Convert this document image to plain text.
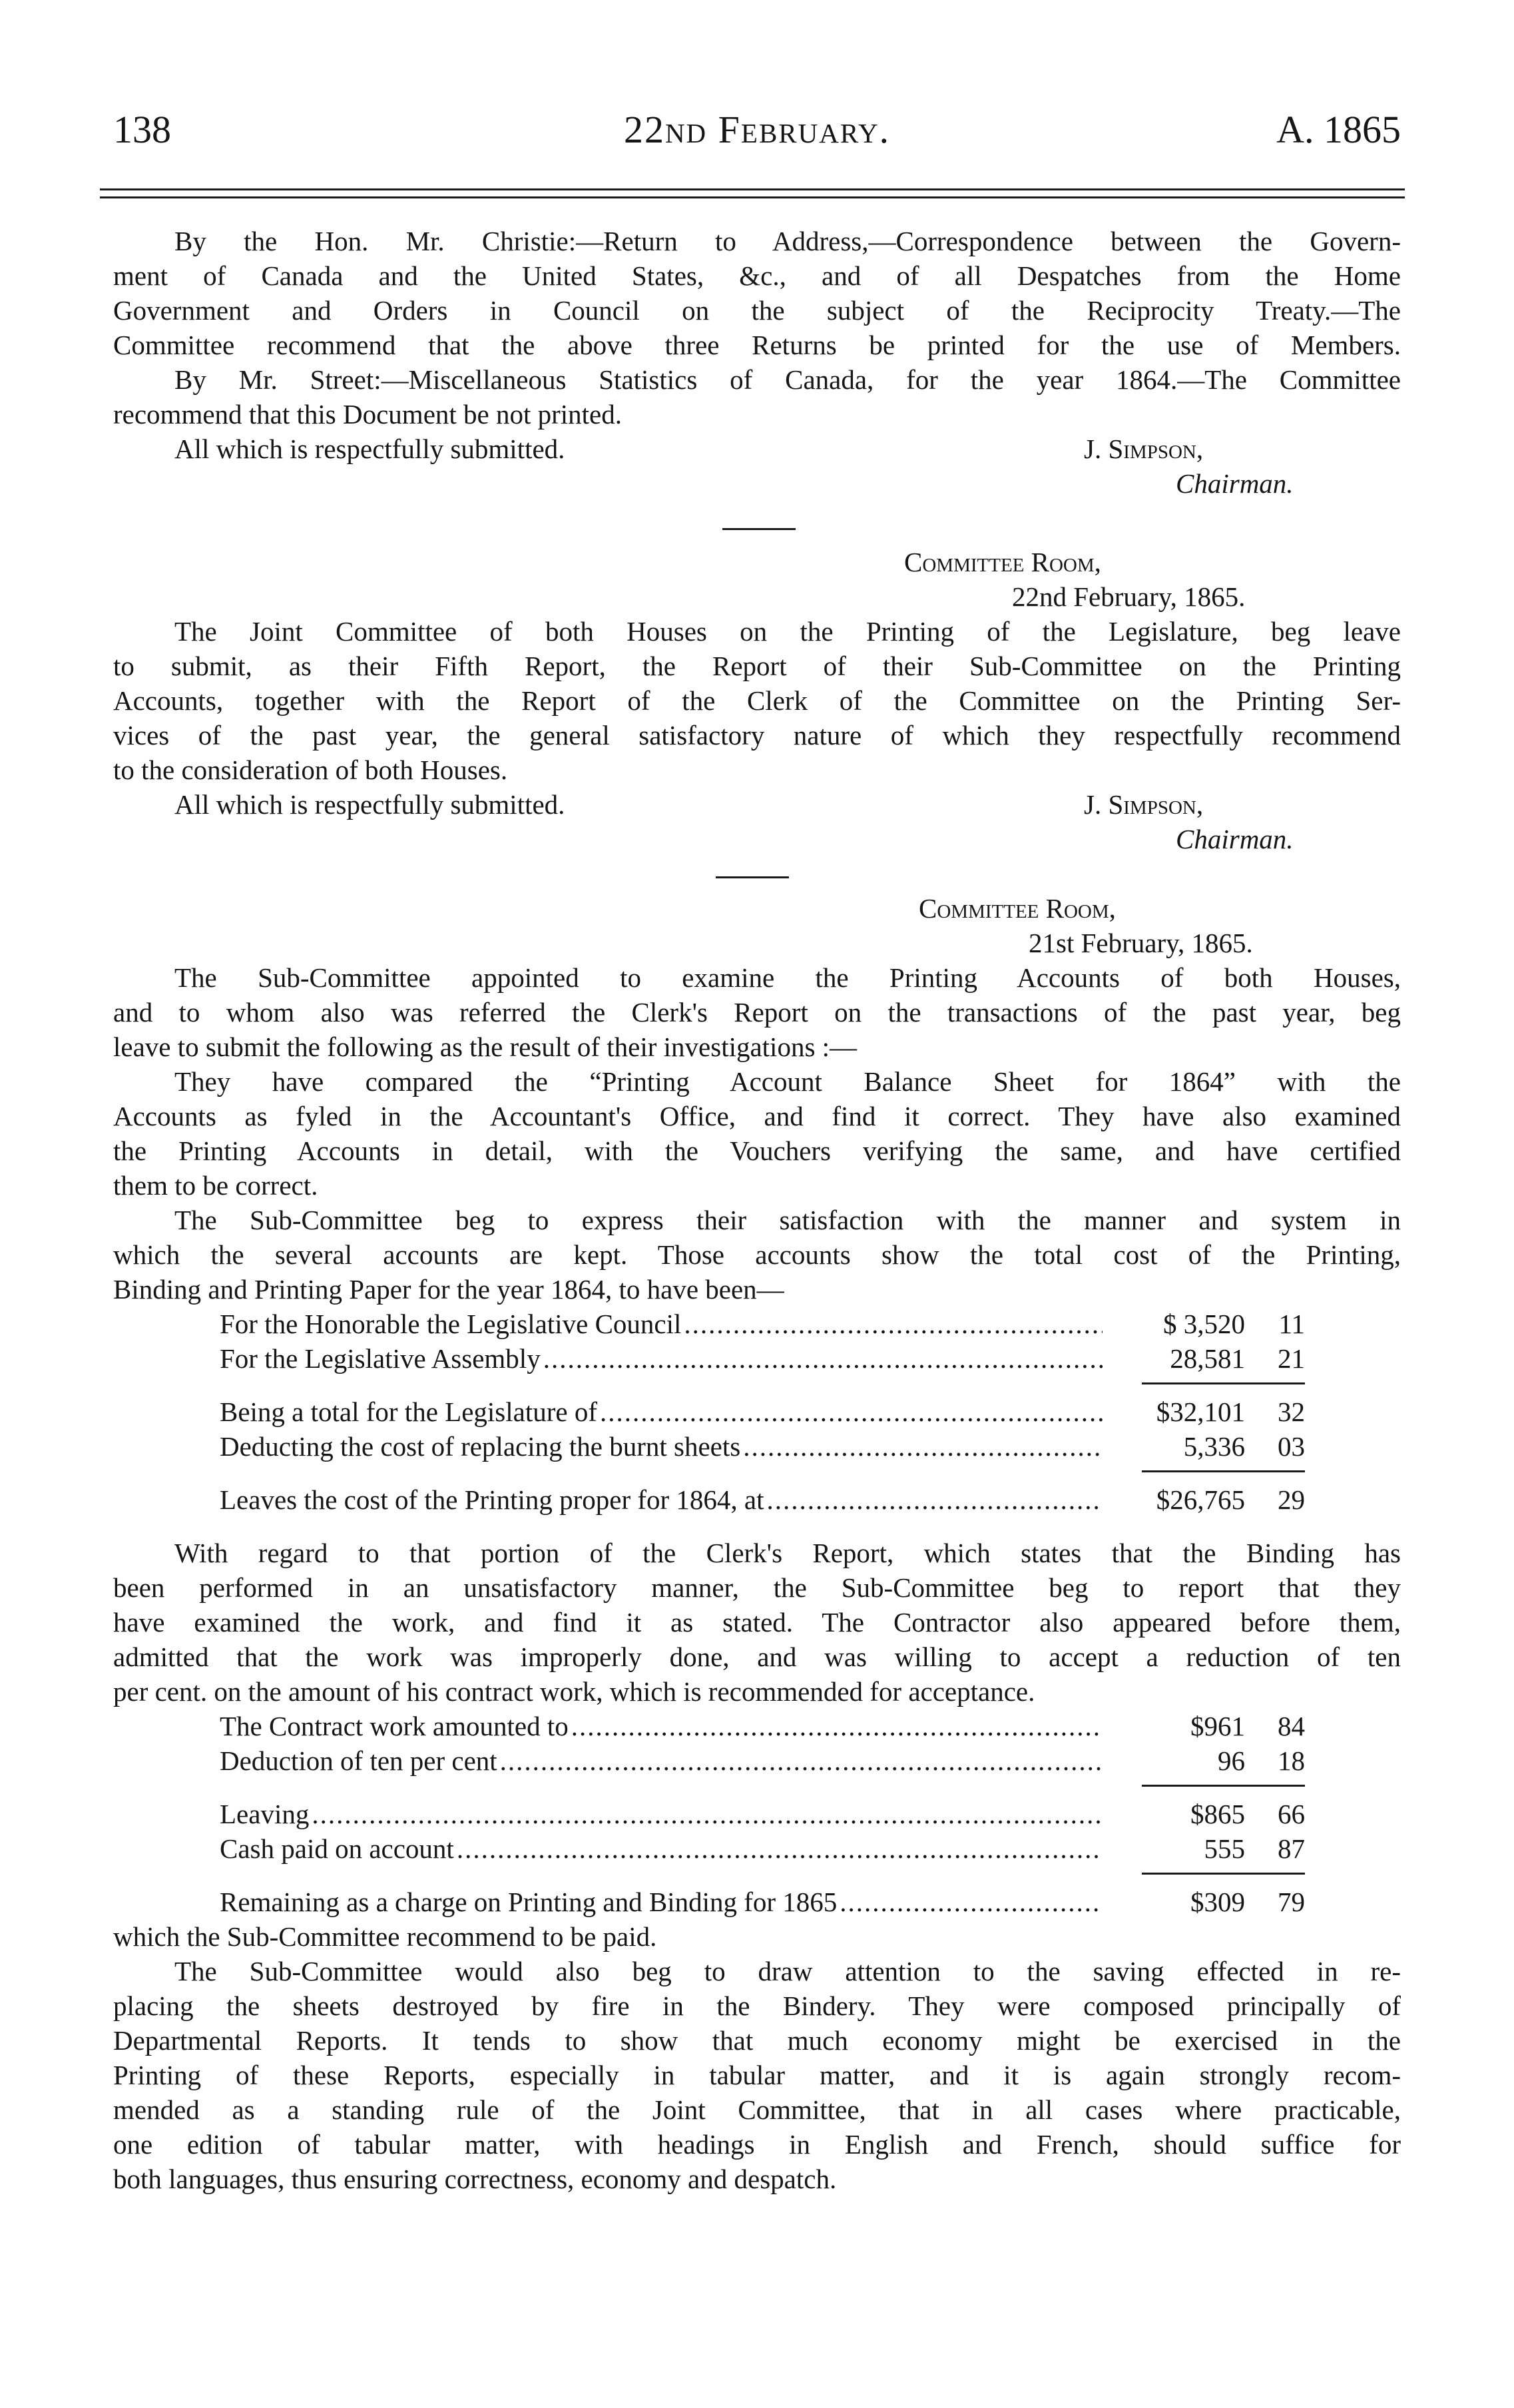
138	22nd February.	A. 1865
By the Hon. Mr. Christie:—Return to Address,—Correspondence between the Govern-
ment of Canada and the United States, &c., and of all Despatches from the Home
Government and Orders in Council on the subject of the Reciprocity Treaty.—The
Committee recommend that the above three Returns be printed for the use of Members.
By Mr. Street:—Miscellaneous Statistics of Canada, for the year 1864.—The Committee
recommend that this Document be not printed.
All which is respectfully submitted.	J. Simpson,
Chairman.
Committee Room,
22nd February, 1865.
The Joint Committee of both Houses on the Printing of the Legislature, beg leave
to submit, as their Fifth Report, the Report of their Sub-Committee on the Printing
Accounts, together with the Report of the Clerk of the Committee on the Printing Ser-
vices of the past year, the general satisfactory nature of which they respectfully recommend
to the consideration of both Houses.
All which is respectfully submitted.	J. Simpson,
Chairman.
Committee Room,
21st February, 1865.
The Sub-Committee appointed to examine the Printing Accounts of both Houses,
and to whom also was referred the Clerk's Report on the transactions of the past year, beg
leave to submit the following as the result of their investigations :—
They have compared the “Printing Account Balance Sheet for 1864” with the
Accounts as fyled in the Accountant's Office, and find it correct. They have also examined
the Printing Accounts in detail, with the Vouchers verifying the same, and have certified
them to be correct.
The Sub-Committee beg to express their satisfaction with the manner and system in
which the several accounts are kept. Those accounts show the total cost of the Printing,
Binding and Printing Paper for the year 1864, to have been—
For the Honorable the Legislative Council .....	$ 3,520	11
For the Legislative Assembly .....	28,581	21
Being a total for the Legislature of .....	$32,101	32
Deducting the cost of replacing the burnt sheets .....	5,336	03
Leaves the cost of the Printing proper for 1864, at .....	$26,765	29
With regard to that portion of the Clerk's Report, which states that the Binding has
been performed in an unsatisfactory manner, the Sub-Committee beg to report that they
have examined the work, and find it as stated. The Contractor also appeared before them,
admitted that the work was improperly done, and was willing to accept a reduction of ten
per cent. on the amount of his contract work, which is recommended for acceptance.
The Contract work amounted to .....	$961	84
Deduction of ten per cent .....	96	18
Leaving .....	$865	66
Cash paid on account .....	555	87
Remaining as a charge on Printing and Binding for 1865 .....	$309	79
which the Sub-Committee recommend to be paid.
The Sub-Committee would also beg to draw attention to the saving effected in re-
placing the sheets destroyed by fire in the Bindery. They were composed principally of
Departmental Reports. It tends to show that much economy might be exercised in the
Printing of these Reports, especially in tabular matter, and it is again strongly recom-
mended as a standing rule of the Joint Committee, that in all cases where practicable,
one edition of tabular matter, with headings in English and French, should suffice for
both languages, thus ensuring correctness, economy and despatch.
